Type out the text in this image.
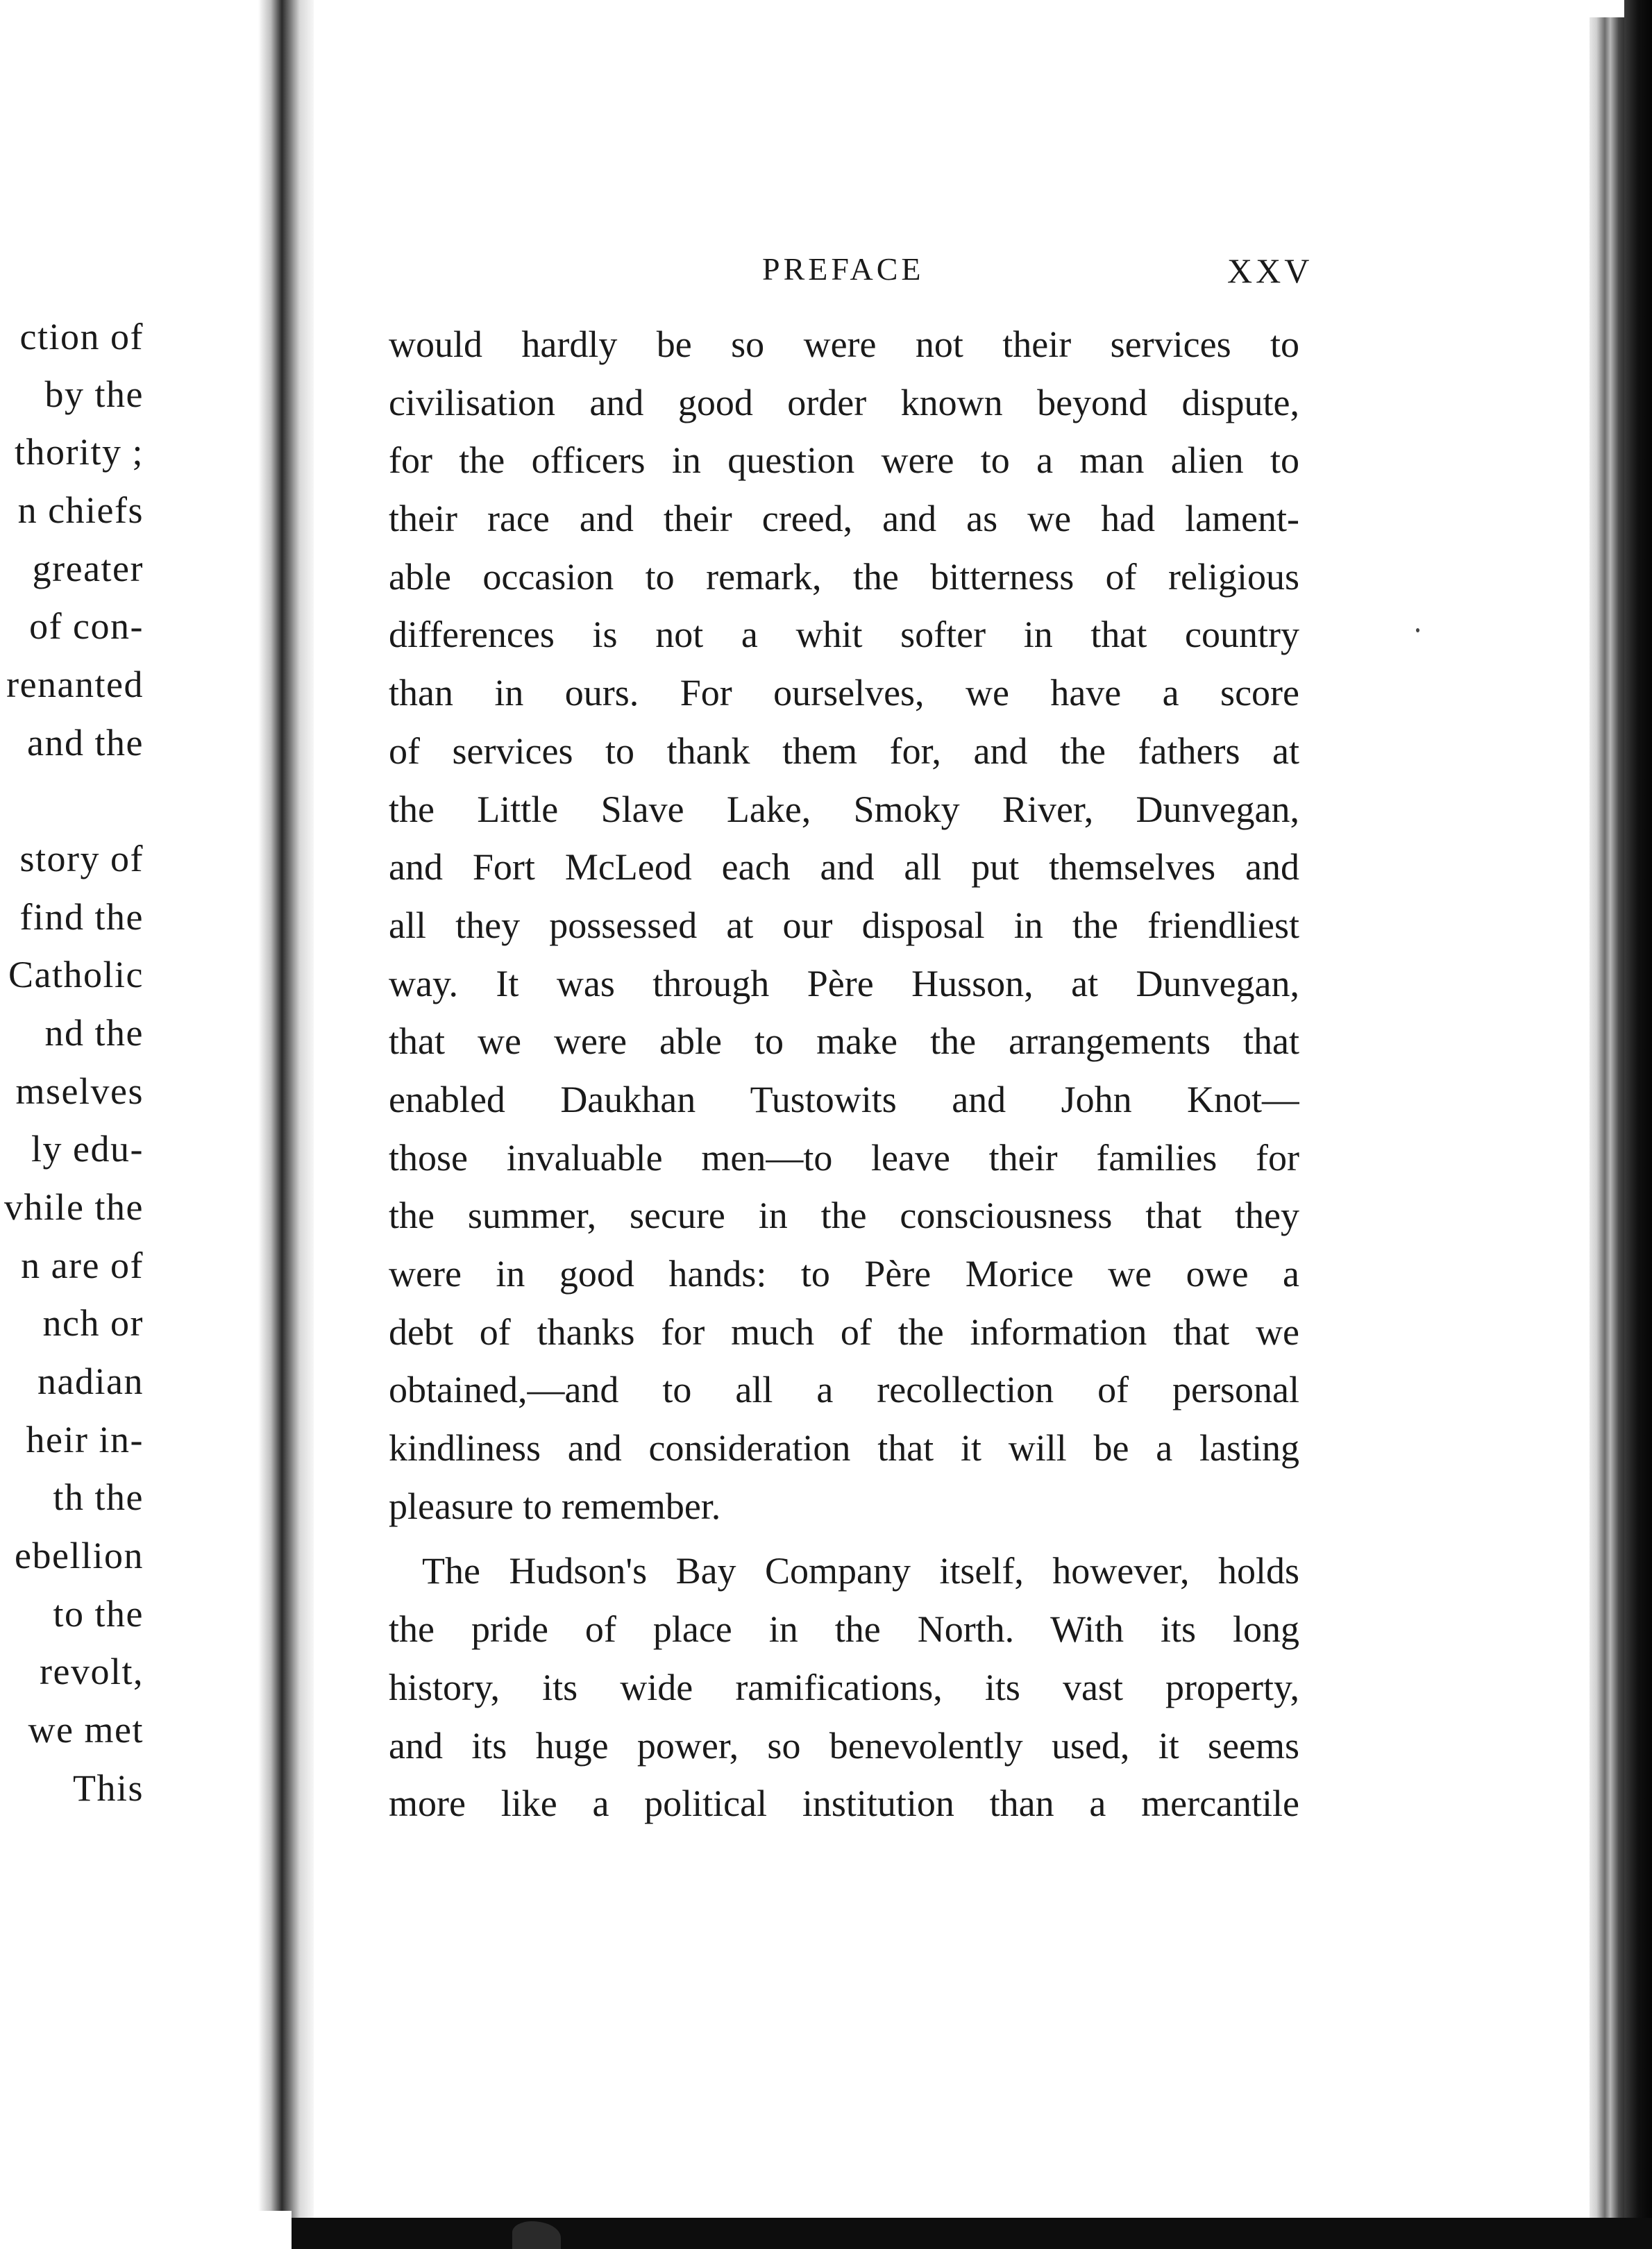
ction of
by the
thority ;
n chiefs
greater
of con-
renanted
and the
story of
find the
Catholic
nd the
mselves
ly edu-
vhile the
n are of
nch or
nadian
heir in-
th the
ebellion
to the
revolt,
we met
This
PREFACE	XXV
would hardly be so were not their services to
civilisation and good order known beyond dispute,
for the officers in question were to a man alien to
their race and their creed, and as we had lament-
able occasion to remark, the bitterness of religious
differences is not a whit softer in that country
than in ours. For ourselves, we have a score
of services to thank them for, and the fathers at
the Little Slave Lake, Smoky River, Dunvegan,
and Fort McLeod each and all put themselves and
all they possessed at our disposal in the friendliest
way. It was through Père Husson, at Dunvegan,
that we were able to make the arrangements that
enabled Daukhan Tustowits and John Knot—
those invaluable men—to leave their families for
the summer, secure in the consciousness that they
were in good hands: to Père Morice we owe a
debt of thanks for much of the information that we
obtained,—and to all a recollection of personal
kindliness and consideration that it will be a lasting
pleasure to remember.
The Hudson's Bay Company itself, however, holds
the pride of place in the North. With its long
history, its wide ramifications, its vast property,
and its huge power, so benevolently used, it seems
more like a political institution than a mercantile
